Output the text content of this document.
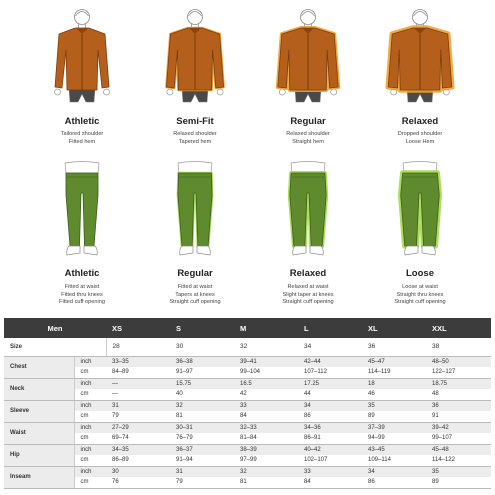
Athletic
Tailored shoulder
Fitted hem
Semi-Fit
Relaxed shoulder
Tapered hem
Regular
Relaxed shoulder
Straight hem
Relaxed
Dropped shoulder
Loose Hem
Athletic
Fitted at waist
Fitted thru knees
Fitted cuff opening
Regular
Fitted at waist
Tapers at knees
Straight cuff opening
Relaxed
Relaxed at waist
Slight taper at knees
Straight cuff opening
Loose
Loose at waist
Straight thru knees
Straight cuff opening
Men		XS	S	M	L	XL	XXL
Size		28	30	32	34	36	38
Chest	inch	33–35	36–38	39–41	42–44	45–47	48–50
	cm	84–89	91–97	99–104	107–112	114–119	122–127
Neck	inch	—	15.75	16.5	17.25	18	18.75
	cm	—	40	42	44	46	48
Sleeve	inch	31	32	33	34	35	36
	cm	79	81	84	86	89	91
Waist	inch	27–29	30–31	32–33	34–36	37–39	39–42
	cm	69–74	76–79	81–84	86–91	94–99	99–107
Hip	inch	34–35	36–37	38–39	40–42	43–45	45–48
	cm	86–89	91–94	97–99	102–107	109–114	114–122
Inseam	inch	30	31	32	33	34	35
	cm	76	79	81	84	86	89
